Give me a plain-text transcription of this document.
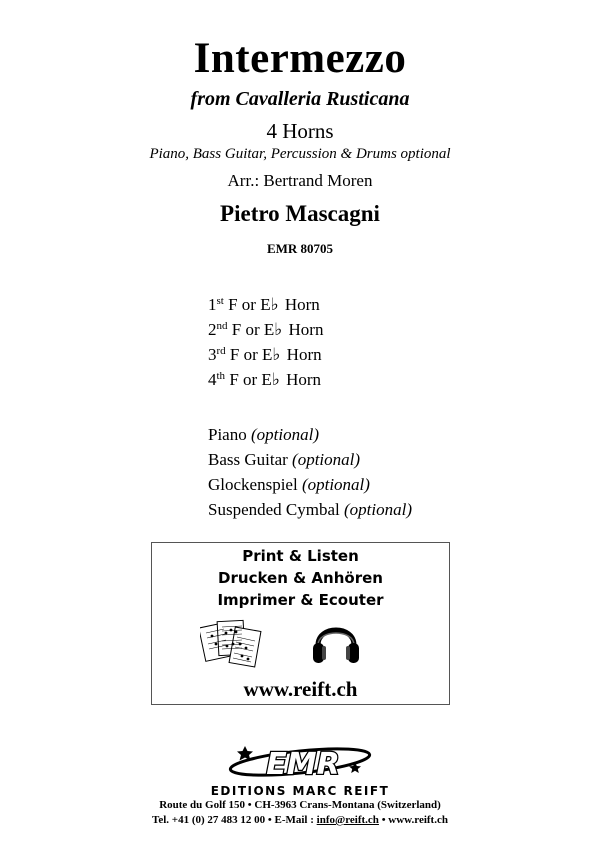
Intermezzo
from Cavalleria Rusticana
4 Horns
Piano, Bass Guitar, Percussion & Drums optional
Arr.: Bertrand Moren
Pietro Mascagni
EMR 80705
1st F or E♭ Horn
2nd F or E♭ Horn
3rd F or E♭ Horn
4th F or E♭ Horn
Piano (optional)
Bass Guitar (optional)
Glockenspiel (optional)
Suspended Cymbal (optional)
Print & Listen
Drucken & Anhören
Imprimer & Ecouter
www.reift.ch
EMR
EDITIONS MARC REIFT
Route du Golf 150 • CH-3963 Crans-Montana (Switzerland)
Tel. +41 (0) 27 483 12 00 • E-Mail : info@reift.ch • www.reift.ch
